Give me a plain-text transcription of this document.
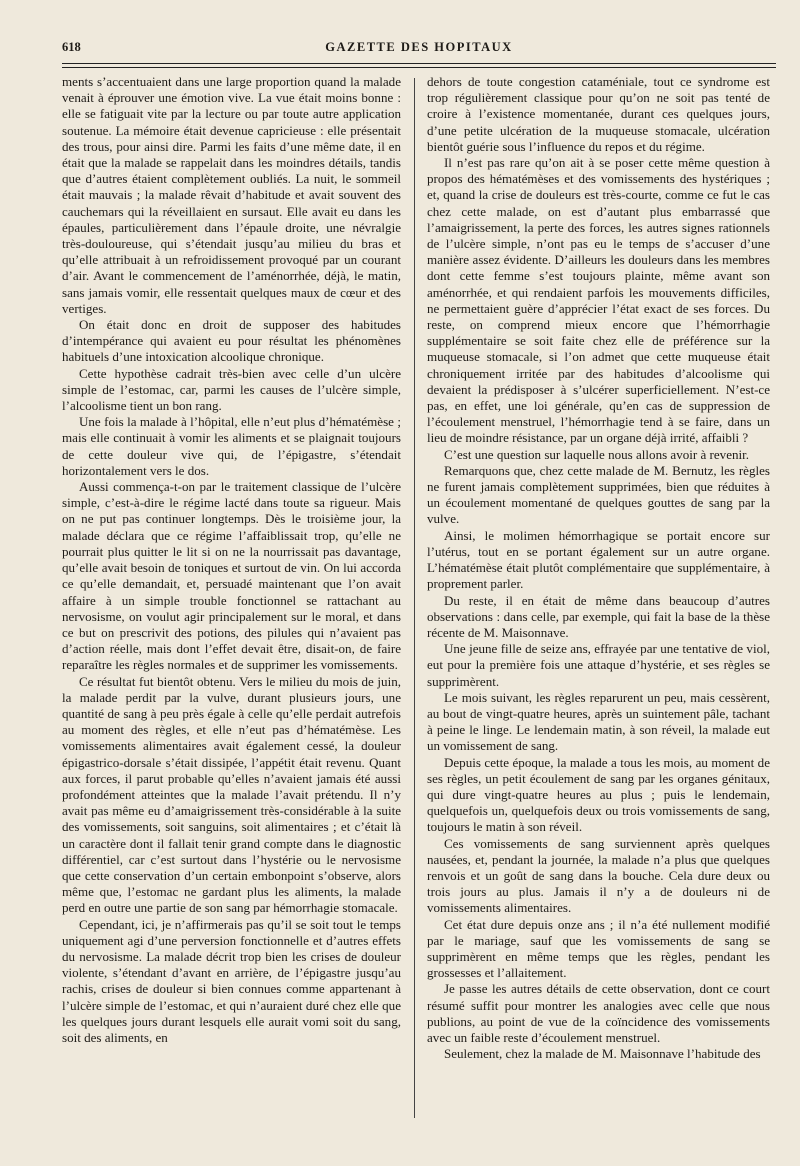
618	GAZETTE DES HOPITAUX

ments s’accentuaient dans une large proportion quand la malade venait à éprouver une émotion vive. La vue était moins bonne : elle se fatiguait vite par la lecture ou par toute autre application soutenue. La mémoire était devenue capricieuse : elle présentait des trous, pour ainsi dire. Parmi les faits d’une même date, il en était que la malade se rappelait dans les moindres détails, tandis que d’autres étaient complètement oubliés. La nuit, le sommeil était mauvais ; la malade rêvait d’habitude et avait souvent des cauchemars qui la réveillaient en sursaut. Elle avait eu dans les épaules, particulièrement dans l’épaule droite, une névralgie très-douloureuse, qui s’étendait jusqu’au milieu du bras et qu’elle attribuait à un refroidissement provoqué par un courant d’air. Avant le commencement de l’aménorrhée, déjà, le matin, sans jamais vomir, elle ressentait quelques maux de cœur et des vertiges.

On était donc en droit de supposer des habitudes d’intempérance qui avaient eu pour résultat les phénomènes habituels d’une intoxication alcoolique chronique.

Cette hypothèse cadrait très-bien avec celle d’un ulcère simple de l’estomac, car, parmi les causes de l’ulcère simple, l’alcoolisme tient un bon rang.

Une fois la malade à l’hôpital, elle n’eut plus d’hématémèse ; mais elle continuait à vomir les aliments et se plaignait toujours de cette douleur vive qui, de l’épigastre, s’étendait horizontalement vers le dos.

Aussi commença-t-on par le traitement classique de l’ulcère simple, c’est-à-dire le régime lacté dans toute sa rigueur. Mais on ne put pas continuer longtemps. Dès le troisième jour, la malade déclara que ce régime l’affaiblissait trop, qu’elle ne pourrait plus quitter le lit si on ne la nourrissait pas davantage, qu’elle avait besoin de toniques et surtout de vin. On lui accorda ce qu’elle demandait, et, persuadé maintenant que l’on avait affaire à un simple trouble fonctionnel se rattachant au nervosisme, on voulut agir principalement sur le moral, et dans ce but on prescrivit des potions, des pilules qui n’avaient pas d’action réelle, mais dont l’effet devait être, disait-on, de faire reparaître les règles normales et de supprimer les vomissements.

Ce résultat fut bientôt obtenu. Vers le milieu du mois de juin, la malade perdit par la vulve, durant plusieurs jours, une quantité de sang à peu près égale à celle qu’elle perdait autrefois au moment des règles, et elle n’eut pas d’hématémèse. Les vomissements alimentaires avait également cessé, la douleur épigastrico-dorsale s’était dissipée, l’appétit était revenu. Quant aux forces, il parut probable qu’elles n’avaient jamais été aussi profondément atteintes que la malade l’avait prétendu. Il n’y avait pas même eu d’amaigrissement très-considérable à la suite des vomissements, soit sanguins, soit alimentaires ; et c’était là un caractère dont il fallait tenir grand compte dans le diagnostic différentiel, car c’est surtout dans l’hystérie ou le nervosisme que cette conservation d’un certain embonpoint s’observe, alors même que, l’estomac ne gardant plus les aliments, la malade perd en outre une partie de son sang par hémorrhagie stomacale.

Cependant, ici, je n’affirmerais pas qu’il se soit tout le temps uniquement agi d’une perversion fonctionnelle et d’autres effets du nervosisme. La malade décrit trop bien les crises de douleur violente, s’étendant d’avant en arrière, de l’épigastre jusqu’au rachis, crises de douleur si bien connues comme appartenant à l’ulcère simple de l’estomac, et qui n’auraient duré chez elle que les quelques jours durant lesquels elle aurait vomi soit du sang, soit des aliments, en

dehors de toute congestion cataméniale, tout ce syndrome est trop régulièrement classique pour qu’on ne soit pas tenté de croire à l’existence momentanée, durant ces quelques jours, d’une petite ulcération de la muqueuse stomacale, ulcération bientôt guérie sous l’influence du repos et du régime.

Il n’est pas rare qu’on ait à se poser cette même question à propos des hématémèses et des vomissements des hystériques ; et, quand la crise de douleurs est très-courte, comme ce fut le cas chez cette malade, on est d’autant plus embarrassé que l’amaigrissement, la perte des forces, les autres signes rationnels de l’ulcère simple, n’ont pas eu le temps de s’accuser d’une manière assez évidente. D’ailleurs les douleurs dans les membres dont cette femme s’est toujours plainte, même avant son aménorrhée, et qui rendaient parfois les mouvements difficiles, ne permettaient guère d’apprécier l’état exact de ses forces. Du reste, on comprend mieux encore que l’hémorrhagie supplémentaire se soit faite chez elle de préférence sur la muqueuse stomacale, si l’on admet que cette muqueuse était chroniquement irritée par des habitudes d’alcoolisme qui devaient la prédisposer à s’ulcérer superficiellement. N’est-ce pas, en effet, une loi générale, qu’en cas de suppression de l’écoulement menstruel, l’hémorrhagie tend à se faire, dans un lieu de moindre résistance, par un organe déjà irrité, affaibli ?

C’est une question sur laquelle nous allons avoir à revenir.

Remarquons que, chez cette malade de M. Bernutz, les règles ne furent jamais complètement supprimées, bien que réduites à un écoulement momentané de quelques gouttes de sang par la vulve.

Ainsi, le molimen hémorrhagique se portait encore sur l’utérus, tout en se portant également sur un autre organe. L’hématémèse était plutôt complémentaire que supplémentaire, à proprement parler.

Du reste, il en était de même dans beaucoup d’autres observations : dans celle, par exemple, qui fait la base de la thèse récente de M. Maisonnave.

Une jeune fille de seize ans, effrayée par une tentative de viol, eut pour la première fois une attaque d’hystérie, et ses règles se supprimèrent.

Le mois suivant, les règles reparurent un peu, mais cessèrent, au bout de vingt-quatre heures, après un suintement pâle, tachant à peine le linge. Le lendemain matin, à son réveil, la malade eut un vomissement de sang.

Depuis cette époque, la malade a tous les mois, au moment de ses règles, un petit écoulement de sang par les organes génitaux, qui dure vingt-quatre heures au plus ; puis le lendemain, quelquefois un, quelquefois deux ou trois vomissements de sang, toujours le matin à son réveil.

Ces vomissements de sang surviennent après quelques nausées, et, pendant la journée, la malade n’a plus que quelques renvois et un goût de sang dans la bouche. Cela dure deux ou trois jours au plus. Jamais il n’y a de douleurs ni de vomissements alimentaires.

Cet état dure depuis onze ans ; il n’a été nullement modifié par le mariage, sauf que les vomissements de sang se supprimèrent en même temps que les règles, pendant les grossesses et l’allaitement.

Je passe les autres détails de cette observation, dont ce court résumé suffit pour montrer les analogies avec celle que nous publions, au point de vue de la coïncidence des vomissements avec un faible reste d’écoulement menstruel.

Seulement, chez la malade de M. Maisonnave l’habitude des
